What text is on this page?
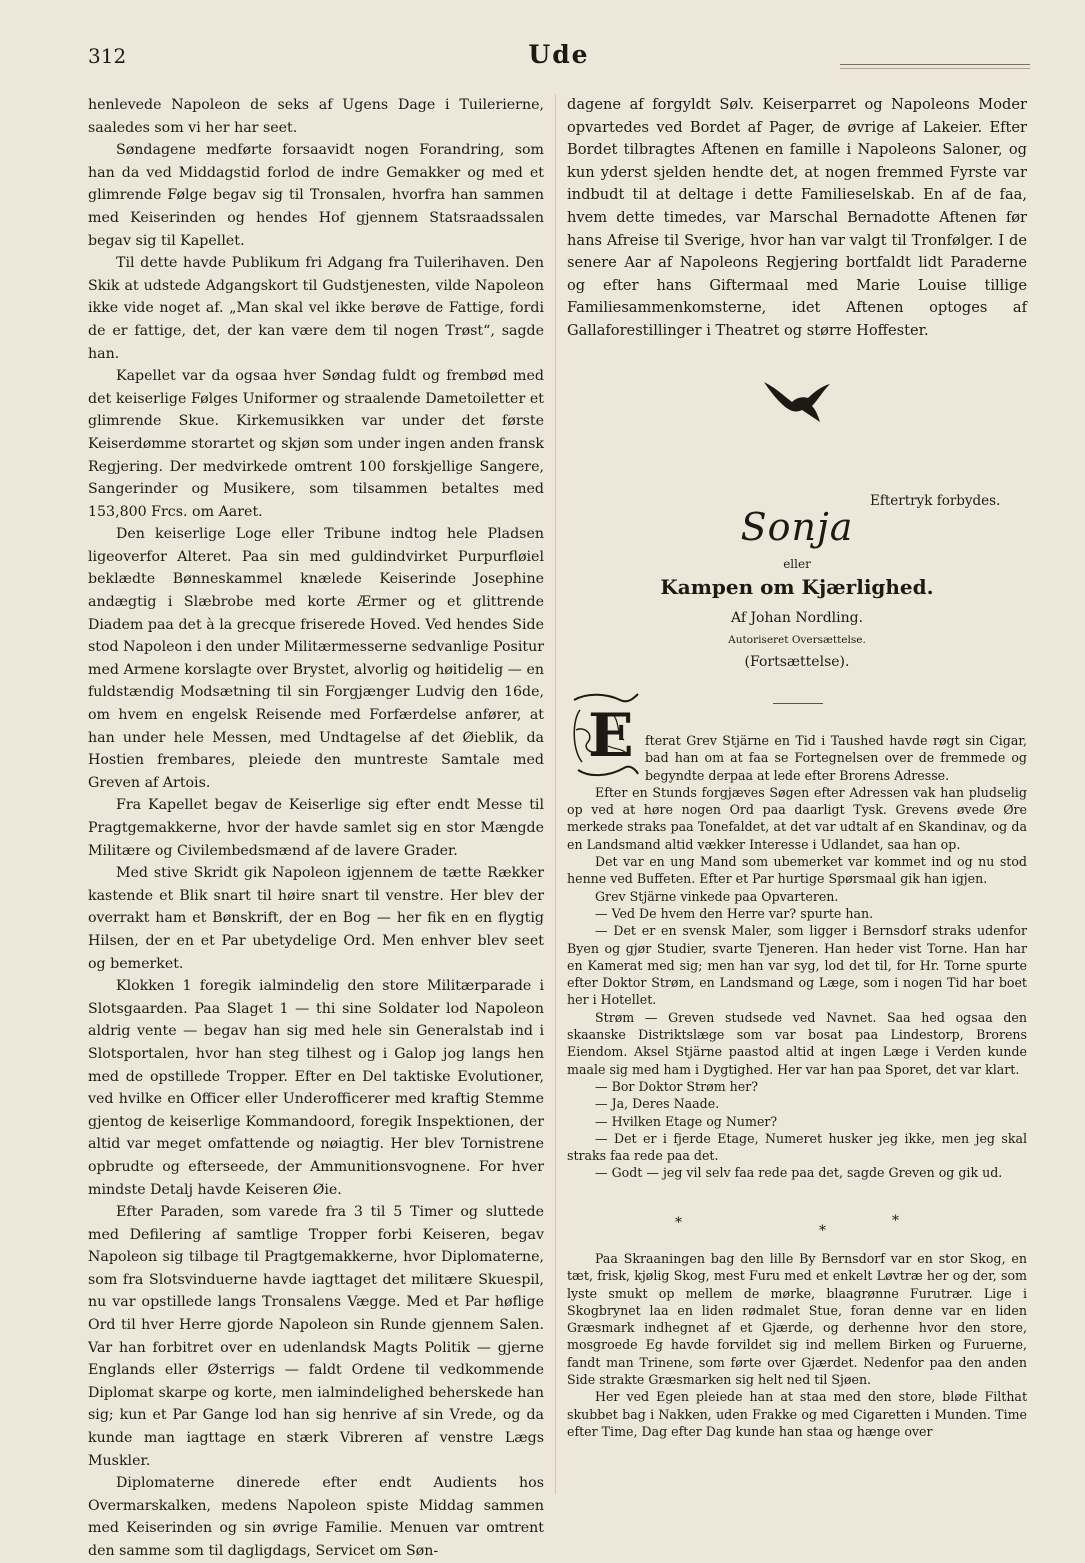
312	Ude

henlevede Napoleon de seks af Ugens Dage i Tuilerierne, saaledes som vi her har seet.

Søndagene medførte forsaavidt nogen Forandring, som han da ved Middagstid forlod de indre Gemakker og med et glimrende Følge begav sig til Tronsalen, hvorfra han sammen med Keiserinden og hendes Hof gjennem Statsraadssalen begav sig til Kapellet.

Til dette havde Publikum fri Adgang fra Tuilerihaven. Den Skik at udstede Adgangskort til Gudstjenesten, vilde Napoleon ikke vide noget af. „Man skal vel ikke berøve de Fattige, fordi de er fattige, det, der kan være dem til nogen Trøst“, sagde han.

Kapellet var da ogsaa hver Søndag fuldt og frembød med det keiserlige Følges Uniformer og straalende Dametoiletter et glimrende Skue. Kirkemusikken var under det første Keiserdømme storartet og skjøn som under ingen anden fransk Regjering. Der medvirkede omtrent 100 forskjellige Sangere, Sangerinder og Musikere, som tilsammen betaltes med 153,800 Frcs. om Aaret.

Den keiserlige Loge eller Tribune indtog hele Pladsen ligeoverfor Alteret. Paa sin med guldindvirket Purpurfløiel beklædte Bønneskammel knælede Keiserinde Josephine andægtig i Slæbrobe med korte Ærmer og et glittrende Diadem paa det à la grecque friserede Hoved. Ved hendes Side stod Napoleon i den under Militærmesserne sedvanlige Positur med Armene korslagte over Brystet, alvorlig og høitidelig — en fuldstændig Modsætning til sin Forgjænger Ludvig den 16de, om hvem en engelsk Reisende med Forfærdelse anfører, at han under hele Messen, med Undtagelse af det Øieblik, da Hostien frembares, pleiede den muntreste Samtale med Greven af Artois.

Fra Kapellet begav de Keiserlige sig efter endt Messe til Pragtgemakkerne, hvor der havde samlet sig en stor Mængde Militære og Civilembedsmænd af de lavere Grader.

Med stive Skridt gik Napoleon igjennem de tætte Rækker kastende et Blik snart til høire snart til venstre. Her blev der overrakt ham et Bønskrift, der en Bog — her fik en en flygtig Hilsen, der en et Par ubetydelige Ord. Men enhver blev seet og bemerket.

Klokken 1 foregik ialmindelig den store Militærparade i Slotsgaarden. Paa Slaget 1 — thi sine Soldater lod Napoleon aldrig vente — begav han sig med hele sin Generalstab ind i Slotsportalen, hvor han steg tilhest og i Galop jog langs hen med de opstillede Tropper. Efter en Del taktiske Evolutioner, ved hvilke en Officer eller Underofficerer med kraftig Stemme gjentog de keiserlige Kommandoord, foregik Inspektionen, der altid var meget omfattende og nøiagtig. Her blev Tornistrene opbrudte og efterseede, der Ammunitionsvognene. For hver mindste Detalj havde Keiseren Øie.

Efter Paraden, som varede fra 3 til 5 Timer og sluttede med Defilering af samtlige Tropper forbi Keiseren, begav Napoleon sig tilbage til Pragtgemakkerne, hvor Diplomaterne, som fra Slotsvinduerne havde iagttaget det militære Skuespil, nu var opstillede langs Tronsalens Vægge. Med et Par høflige Ord til hver Herre gjorde Napoleon sin Runde gjennem Salen. Var han forbitret over en udenlandsk Magts Politik — gjerne Englands eller Østerrigs — faldt Ordene til vedkommende Diplomat skarpe og korte, men ialmindelighed beherskede han sig; kun et Par Gange lod han sig henrive af sin Vrede, og da kunde man iagttage en stærk Vibreren af venstre Lægs Muskler.

Diplomaterne dinerede efter endt Audients hos Overmarskalken, medens Napoleon spiste Middag sammen med Keiserinden og sin øvrige Familie. Menuen var omtrent den samme som til dagligdags, Servicet om Søn-

dagene af forgyldt Sølv. Keiserparret og Napoleons Moder opvartedes ved Bordet af Pager, de øvrige af Lakeier. Efter Bordet tilbragtes Aftenen en famille i Napoleons Saloner, og kun yderst sjelden hendte det, at nogen fremmed Fyrste var indbudt til at deltage i dette Familieselskab. En af de faa, hvem dette timedes, var Marschal Bernadotte Aftenen før hans Afreise til Sverige, hvor han var valgt til Tronfølger. I de senere Aar af Napoleons Regjering bortfaldt lidt Paraderne og efter hans Giftermaal med Marie Louise tillige Familiesammenkomsterne, idet Aftenen optoges af Gallaforestillinger i Theatret og større Hoffester.

Eftertryk forbydes.
Sonja
eller
Kampen om Kjærlighed.
Af Johan Nordling.
Autoriseret Oversættelse.
(Fortsættelse).
E fterat Grev Stjärne en Tid i Taushed havde røgt sin Cigar, bad han om at faa se Fortegnelsen over de fremmede og begyndte derpaa at lede efter Brorens Adresse.

Efter en Stunds forgjæves Søgen efter Adressen vak han pludselig op ved at høre nogen Ord paa daarligt Tysk. Grevens øvede Øre merkede straks paa Tonefaldet, at det var udtalt af en Skandinav, og da en Landsmand altid vækker Interesse i Udlandet, saa han op.

Det var en ung Mand som ubemerket var kommet ind og nu stod henne ved Buffeten. Efter et Par hurtige Spørsmaal gik han igjen.

Grev Stjärne vinkede paa Opvarteren.

— Ved De hvem den Herre var? spurte han.

— Det er en svensk Maler, som ligger i Bernsdorf straks udenfor Byen og gjør Studier, svarte Tjeneren. Han heder vist Torne. Han har en Kamerat med sig; men han var syg, lod det til, for Hr. Torne spurte efter Doktor Strøm, en Landsmand og Læge, som i nogen Tid har boet her i Hotellet.

Strøm — Greven studsede ved Navnet. Saa hed ogsaa den skaanske Distriktslæge som var bosat paa Lindestorp, Brorens Eiendom. Aksel Stjärne paastod altid at ingen Læge i Verden kunde maale sig med ham i Dygtighed. Her var han paa Sporet, det var klart.

— Bor Doktor Strøm her?

— Ja, Deres Naade.

— Hvilken Etage og Numer?

— Det er i fjerde Etage, Numeret husker jeg ikke, men jeg skal straks faa rede paa det.

— Godt — jeg vil selv faa rede paa det, sagde Greven og gik ud.

*	*
*

Paa Skraaningen bag den lille By Bernsdorf var en stor Skog, en tæt, frisk, kjølig Skog, mest Furu med et enkelt Løvtræ her og der, som lyste smukt op mellem de mørke, blaagrønne Furutrær. Lige i Skogbrynet laa en liden rødmalet Stue, foran denne var en liden Græsmark indhegnet af et Gjærde, og derhenne hvor den store, mosgroede Eg havde forvildet sig ind mellem Birken og Furuerne, fandt man Trinene, som førte over Gjærdet. Nedenfor paa den anden Side strakte Græsmarken sig helt ned til Sjøen.

Her ved Egen pleiede han at staa med den store, bløde Filthat skubbet bag i Nakken, uden Frakke og med Cigaretten i Munden. Time efter Time, Dag efter Dag kunde han staa og hænge over
